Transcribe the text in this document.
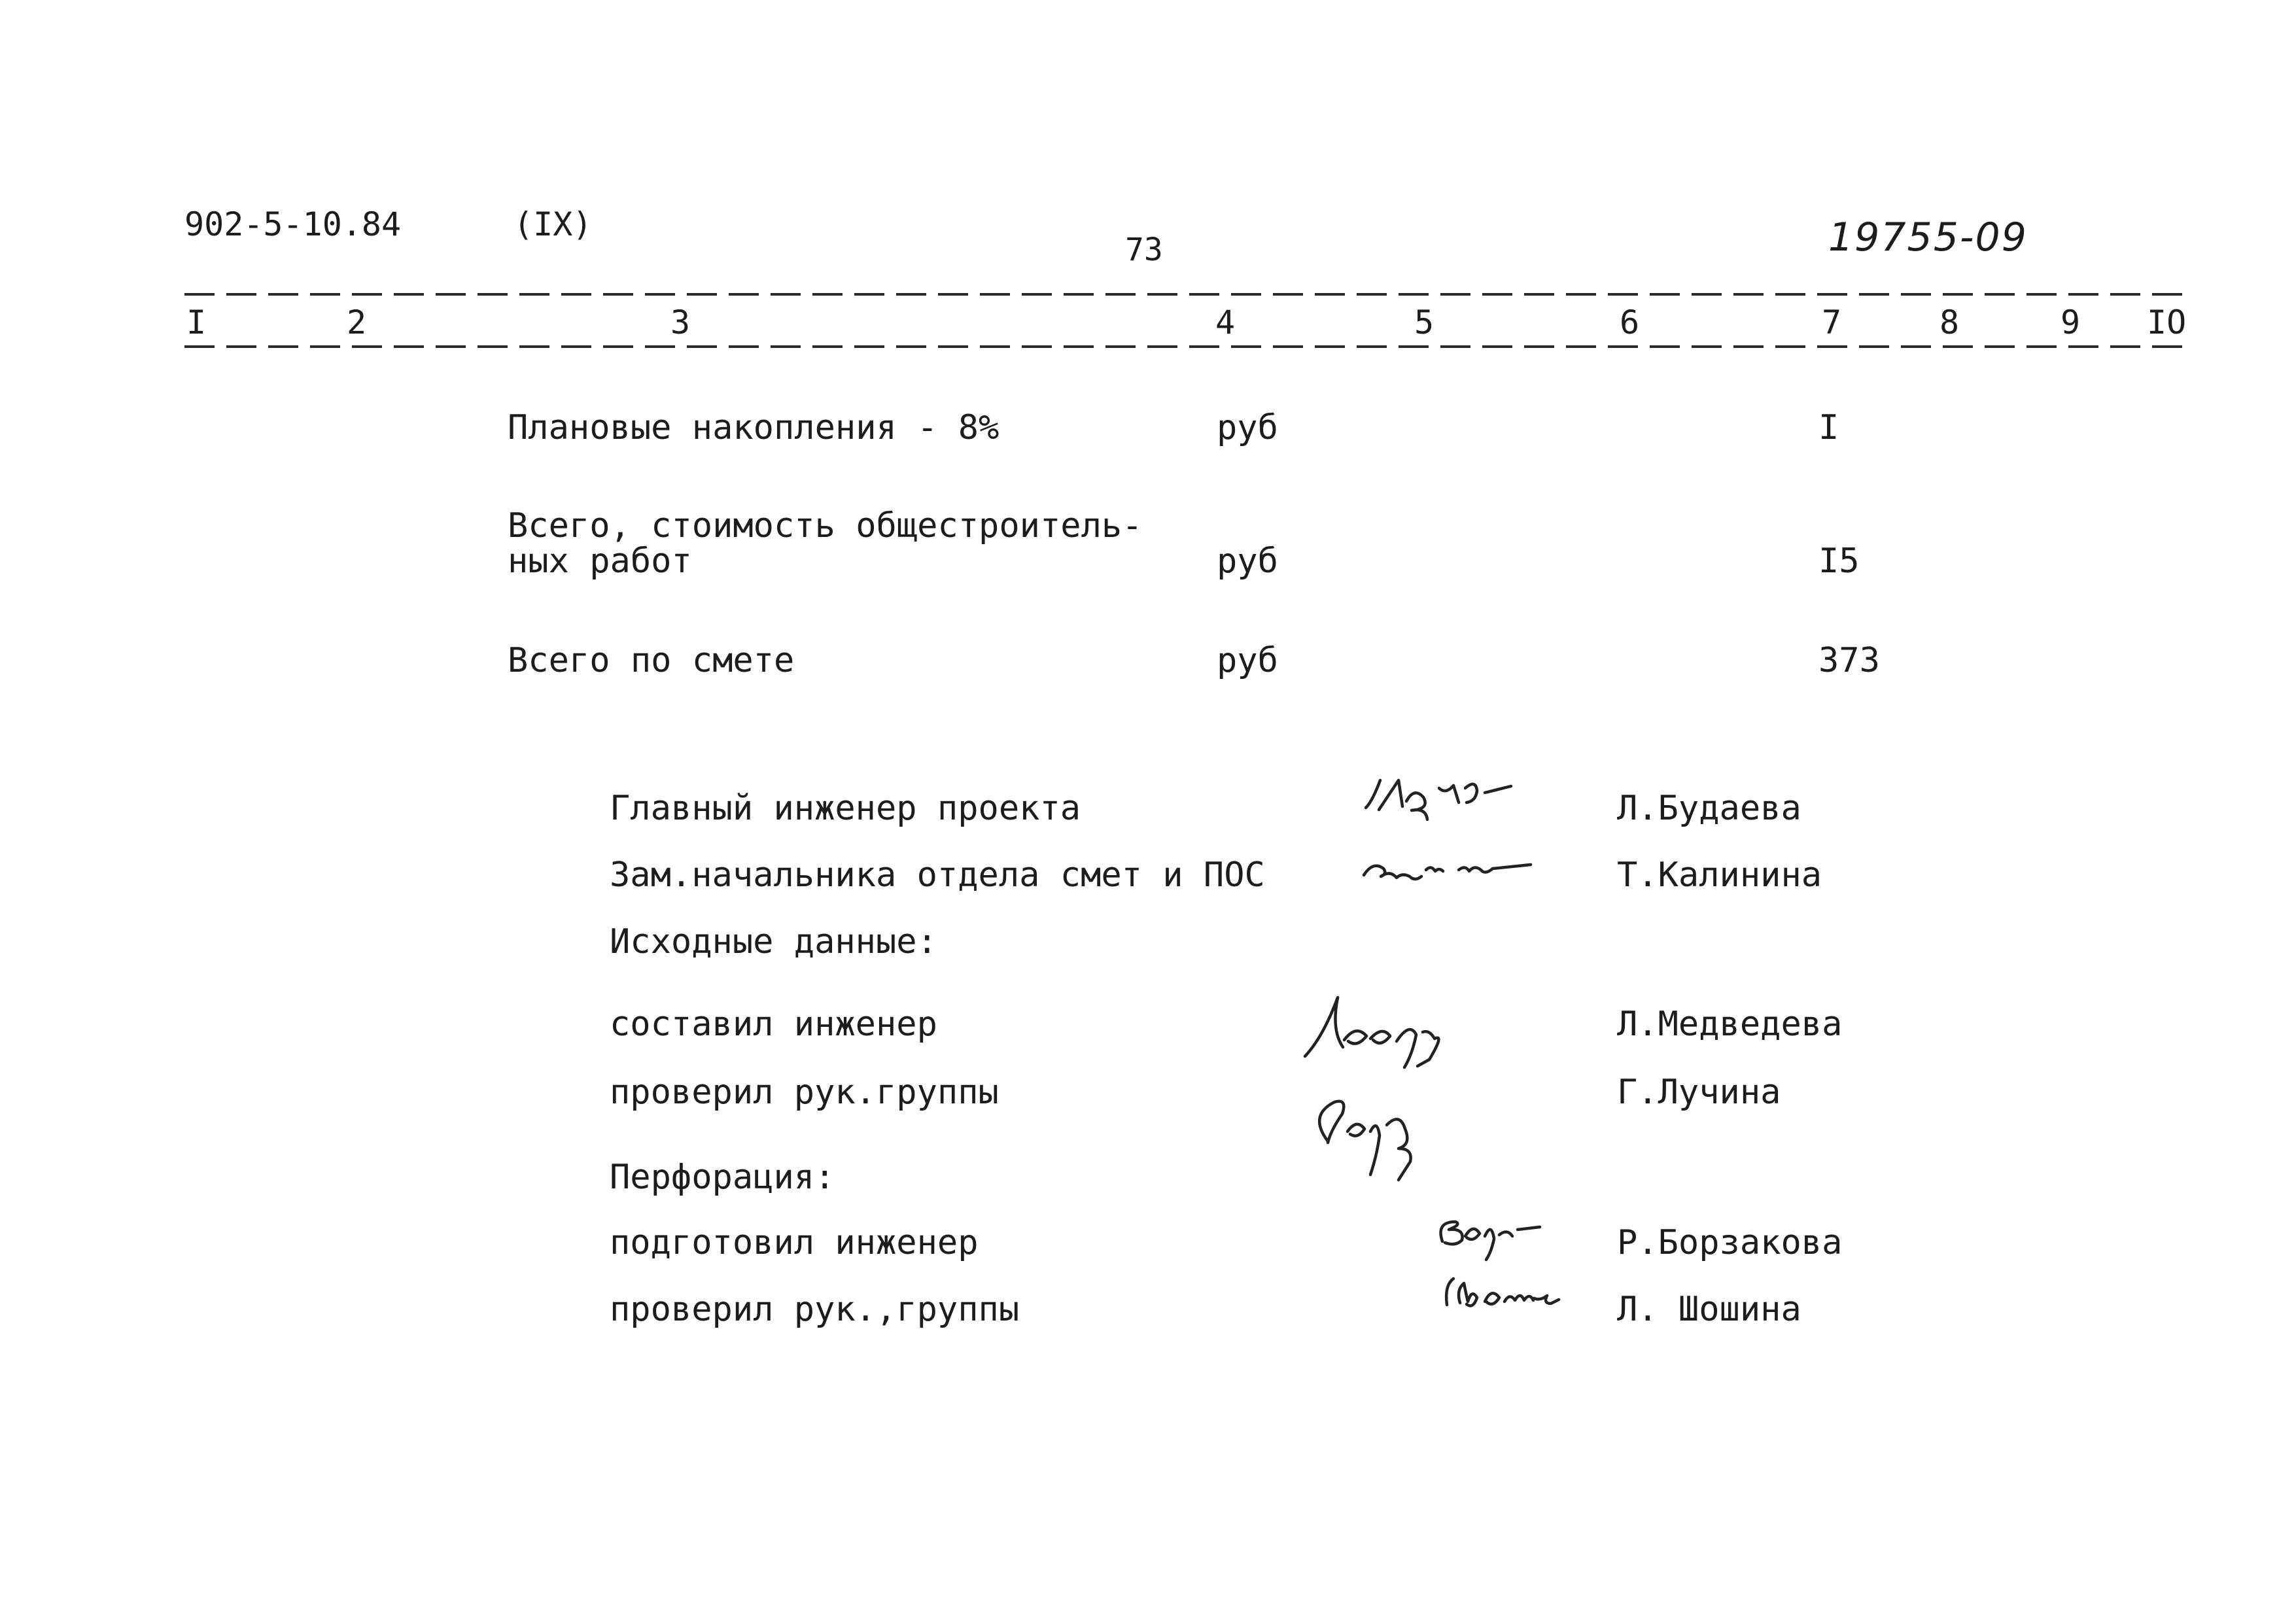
902-5-10.84	(IX)
73	19755-09
I	2	3	4	5	6	7	8	9 IO
Плановые накопления - 8%	руб	I
Всего, стоимость общестроитель-
ных работ	руб	I5
Всего по смете	руб	373
Главный инженер проекта	Л.Будаева
Зам.начальника отдела смет и ПОС	Т.Калинина
Исходные данные:
составил инженер	Л.Медведева
проверил рук.группы	Г.Лучина
Перфорация:
подготовил инженер	Р.Борзакова
проверил рук.,группы	Л. Шошина
